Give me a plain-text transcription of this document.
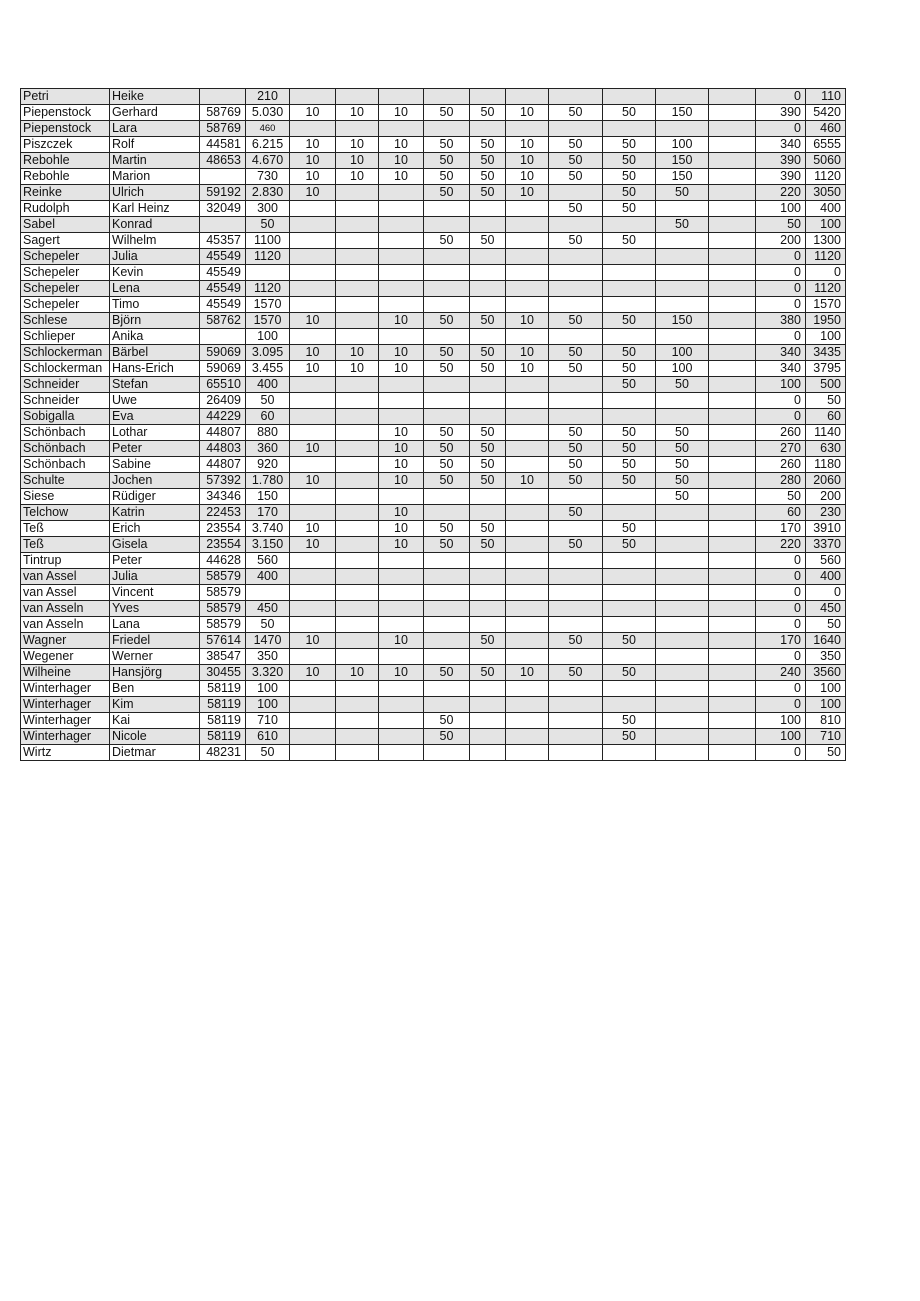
Petri	Heike		210											0	110
Piepenstock	Gerhard	58769	5.030	10	10	10	50	50	10	50	50	150		390	5420
Piepenstock	Lara	58769	460											0	460
Piszczek	Rolf	44581	6.215	10	10	10	50	50	10	50	50	100		340	6555
Rebohle	Martin	48653	4.670	10	10	10	50	50	10	50	50	150		390	5060
Rebohle	Marion		730	10	10	10	50	50	10	50	50	150		390	1120
Reinke	Ulrich	59192	2.830	10			50	50	10		50	50		220	3050
Rudolph	Karl Heinz	32049	300							50	50			100	400
Sabel	Konrad		50									50		50	100
Sagert	Wilhelm	45357	1100				50	50		50	50			200	1300
Schepeler	Julia	45549	1120											0	1120
Schepeler	Kevin	45549												0	0
Schepeler	Lena	45549	1120											0	1120
Schepeler	Timo	45549	1570											0	1570
Schlese	Björn	58762	1570	10		10	50	50	10	50	50	150		380	1950
Schlieper	Anika		100											0	100
Schlockerman	Bärbel	59069	3.095	10	10	10	50	50	10	50	50	100		340	3435
Schlockerman	Hans-Erich	59069	3.455	10	10	10	50	50	10	50	50	100		340	3795
Schneider	Stefan	65510	400								50	50		100	500
Schneider	Uwe	26409	50											0	50
Sobigalla	Eva	44229	60											0	60
Schönbach	Lothar	44807	880			10	50	50		50	50	50		260	1140
Schönbach	Peter	44803	360	10		10	50	50		50	50	50		270	630
Schönbach	Sabine	44807	920			10	50	50		50	50	50		260	1180
Schulte	Jochen	57392	1.780	10		10	50	50	10	50	50	50		280	2060
Siese	Rüdiger	34346	150									50		50	200
Telchow	Katrin	22453	170			10				50				60	230
Teß	Erich	23554	3.740	10		10	50	50			50			170	3910
Teß	Gisela	23554	3.150	10		10	50	50		50	50			220	3370
Tintrup	Peter	44628	560											0	560
van Assel	Julia	58579	400											0	400
van Assel	Vincent	58579												0	0
van Asseln	Yves	58579	450											0	450
van Asseln	Lana	58579	50											0	50
Wagner	Friedel	57614	1470	10		10		50		50	50			170	1640
Wegener	Werner	38547	350											0	350
Wilheine	Hansjörg	30455	3.320	10	10	10	50	50	10	50	50			240	3560
Winterhager	Ben	58119	100											0	100
Winterhager	Kim	58119	100											0	100
Winterhager	Kai	58119	710				50				50			100	810
Winterhager	Nicole	58119	610				50				50			100	710
Wirtz	Dietmar	48231	50											0	50
